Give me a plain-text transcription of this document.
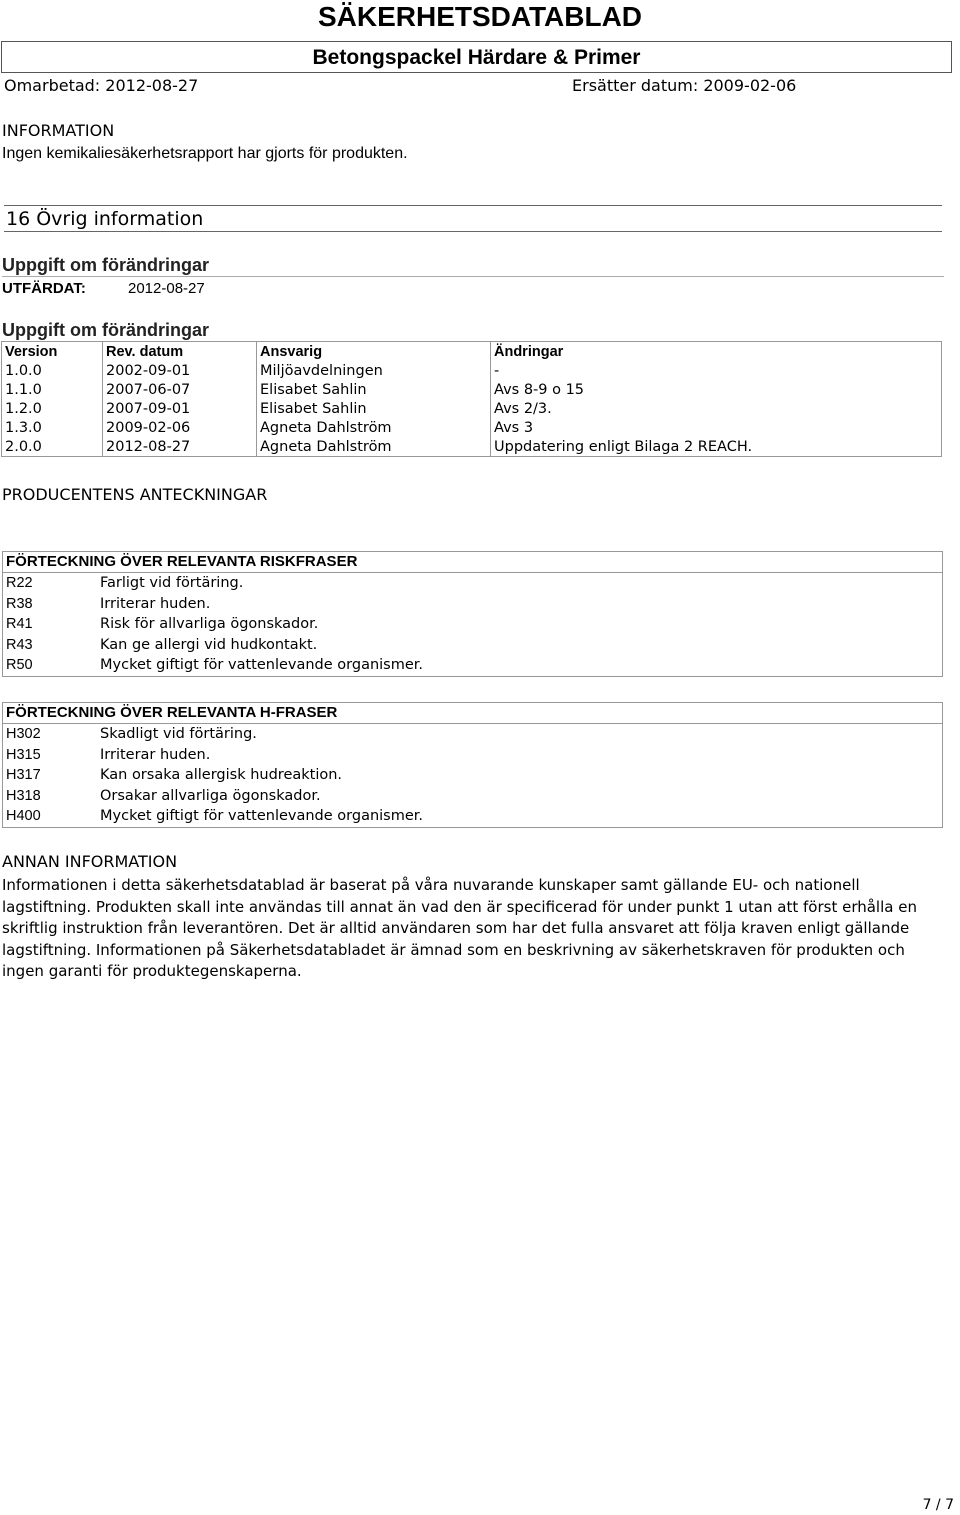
SÄKERHETSDATABLAD
Betongspackel Härdare & Primer
Omarbetad: 2012-08-27	Ersätter datum: 2009-02-06
INFORMATION
Ingen kemikaliesäkerhetsrapport har gjorts för produkten.
16 Övrig information
Uppgift om förändringar
UTFÄRDAT:	2012-08-27
Uppgift om förändringar
Version	Rev. datum	Ansvarig	Ändringar
1.0.0	2002-09-01	Miljöavdelningen	-
1.1.0	2007-06-07	Elisabet Sahlin	Avs 8-9 o 15
1.2.0	2007-09-01	Elisabet Sahlin	Avs 2/3.
1.3.0	2009-02-06	Agneta Dahlström	Avs 3
2.0.0	2012-08-27	Agneta Dahlström	Uppdatering enligt Bilaga 2 REACH.
PRODUCENTENS ANTECKNINGAR
FÖRTECKNING ÖVER RELEVANTA RISKFRASER
R22	Farligt vid förtäring.
R38	Irriterar huden.
R41	Risk för allvarliga ögonskador.
R43	Kan ge allergi vid hudkontakt.
R50	Mycket giftigt för vattenlevande organismer.
FÖRTECKNING ÖVER RELEVANTA H-FRASER
H302	Skadligt vid förtäring.
H315	Irriterar huden.
H317	Kan orsaka allergisk hudreaktion.
H318	Orsakar allvarliga ögonskador.
H400	Mycket giftigt för vattenlevande organismer.
ANNAN INFORMATION
Informationen i detta säkerhetsdatablad är baserat på våra nuvarande kunskaper samt gällande EU- och nationell lagstiftning. Produkten skall inte användas till annat än vad den är specificerad för under punkt 1 utan att först erhålla en skriftlig instruktion från leverantören. Det är alltid användaren som har det fulla ansvaret att följa kraven enligt gällande lagstiftning. Informationen på Säkerhetsdatabladet är ämnad som en beskrivning av säkerhetskraven för produkten och ingen garanti för produktegenskaperna.
7 / 7
